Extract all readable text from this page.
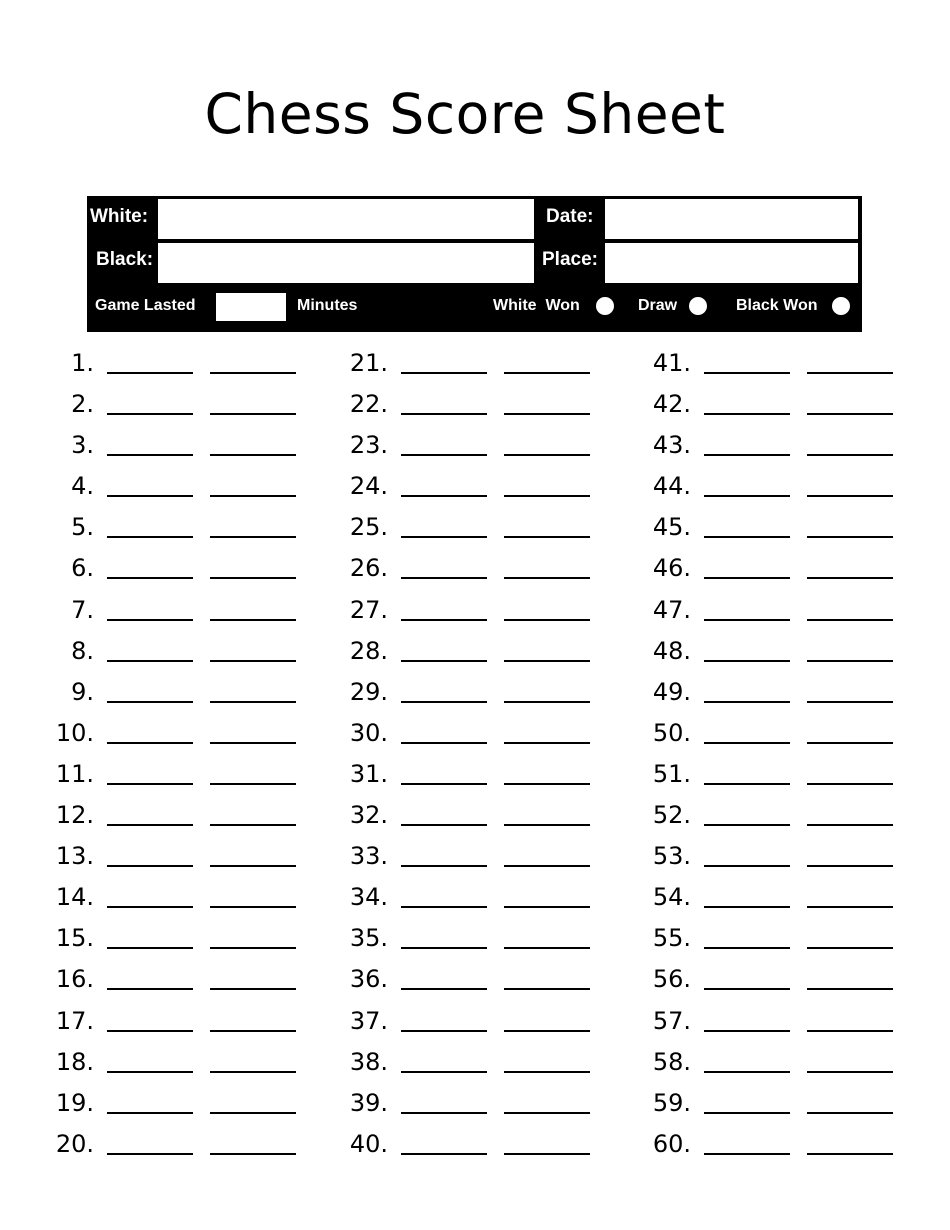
Chess Score Sheet
White:
Black:
Date:
Place:
Game Lasted	Minutes	White  Won	Draw	Black Won
1.
2.
3.
4.
5.
6.
7.
8.
9.
10.
11.
12.
13.
14.
15.
16.
17.
18.
19.
20.
21.
22.
23.
24.
25.
26.
27.
28.
29.
30.
31.
32.
33.
34.
35.
36.
37.
38.
39.
40.
41.
42.
43.
44.
45.
46.
47.
48.
49.
50.
51.
52.
53.
54.
55.
56.
57.
58.
59.
60.
